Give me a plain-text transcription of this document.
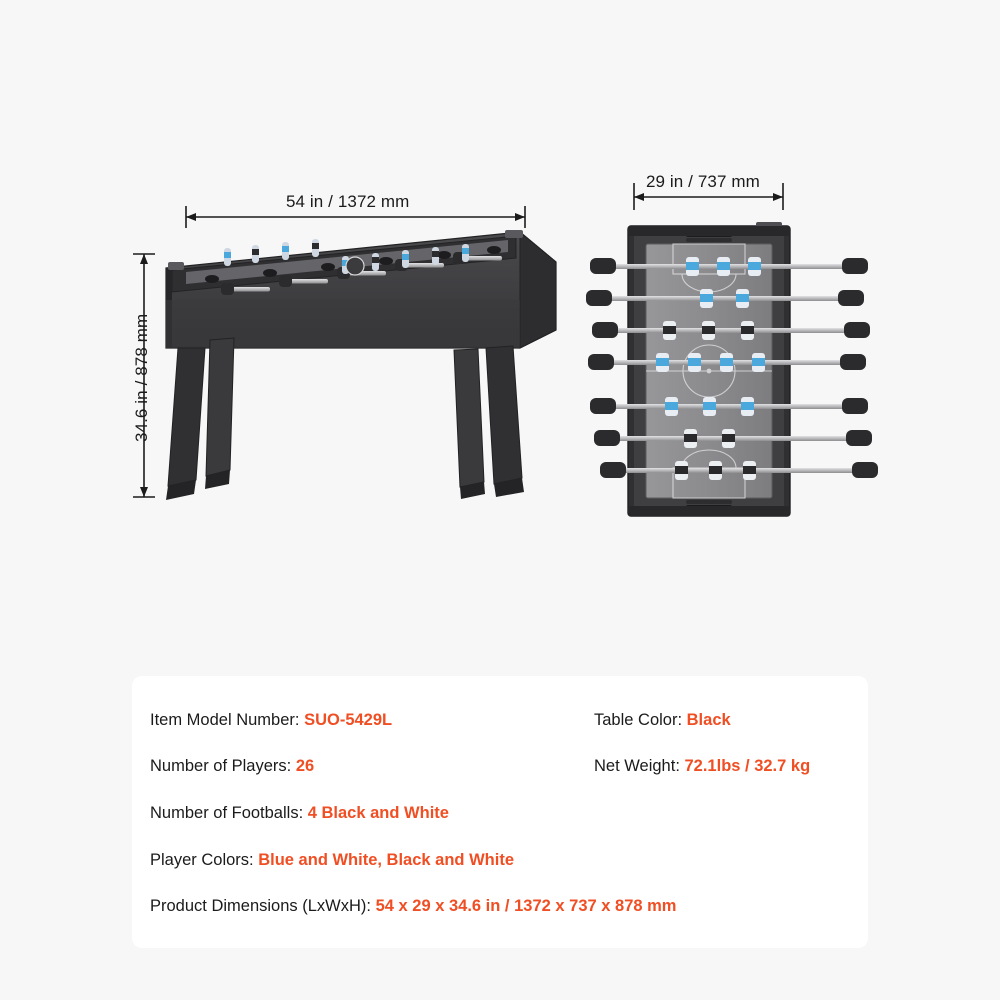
54 in / 1372 mm
34.6 in / 878 mm
29 in / 737 mm
Item Model Number: SUO-5429L
Number of Players: 26
Number of Footballs: 4 Black and White
Player Colors: Blue and White, Black and White
Product Dimensions (LxWxH): 54 x 29 x 34.6 in / 1372 x 737 x 878 mm
Table Color: Black
Net Weight: 72.1lbs / 32.7 kg
